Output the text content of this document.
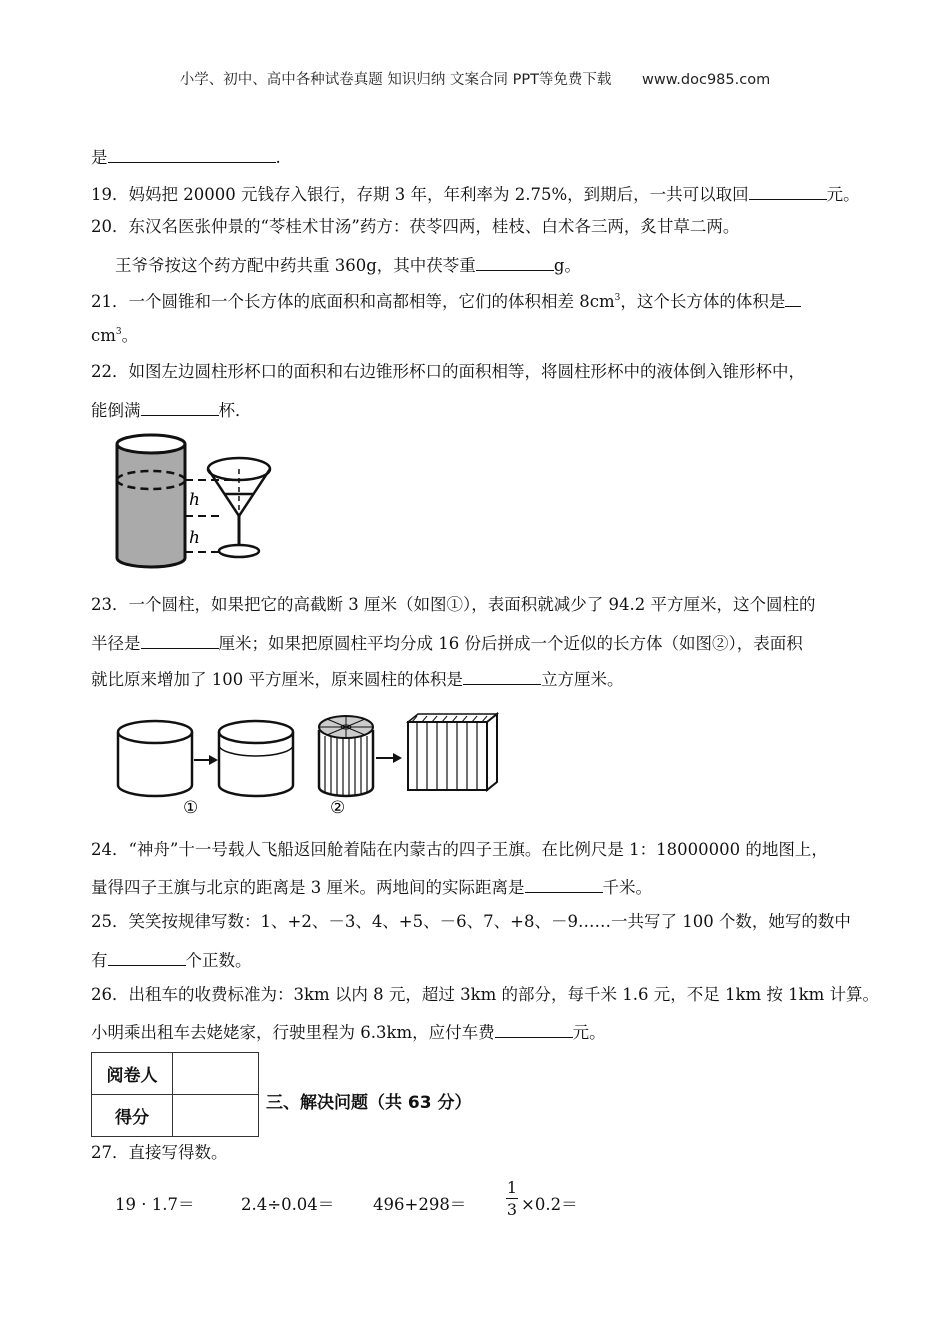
小学、初中、高中各种试卷真题 知识归纳 文案合同 PPT等免费下载 www.doc985.com
是	.
19．妈妈把 20000 元钱存入银行，存期 3 年，年利率为 2.75%，到期后，一共可以取回	元。
20．东汉名医张仲景的“苓桂术甘汤”药方：茯苓四两，桂枝、白术各三两，炙甘草二两。
王爷爷按这个药方配中药共重 360g，其中茯苓重	g。
21．一个圆锥和一个长方体的底面积和高都相等，它们的体积相差 $8cm^3$，这个长方体的体积是
$cm^3$。
22．如图左边圆柱形杯口的面积和右边锥形杯口的面积相等，将圆柱形杯中的液体倒入锥形杯中，
能倒满	杯．
h
h
23．一个圆柱，如果把它的高截断 3 厘米（如图①），表面积就减少了 94.2 平方厘米，这个圆柱的
半径是	厘米；如果把原圆柱平均分成 16 份后拼成一个近似的长方体（如图②），表面积
就比原来增加了 100 平方厘米，原来圆柱的体积是	立方厘米。
①	②
24．“神舟”十一号载人飞船返回舱着陆在内蒙古的四子王旗。在比例尺是 1：18000000 的地图上，
量得四子王旗与北京的距离是 3 厘米。两地间的实际距离是	千米。
25．笑笑按规律写数：1、+2、－3、4、+5、－6、7、+8、－9……一共写了 100 个数，她写的数中
有	个正数。
26．出租车的收费标准为：3km 以内 8 元，超过 3km 的部分，每千米 1.6 元，不足 1km 按 1km 计算。
小明乘出租车去姥姥家，行驶里程为 6.3km，应付车费	元。
阅卷人	
得分	
三、解决问题（共 63 分）
27．直接写得数。
19 · 1.7＝	$2.4\div 0.04= 496+298= \frac{1}{3} \times 0.2=$
